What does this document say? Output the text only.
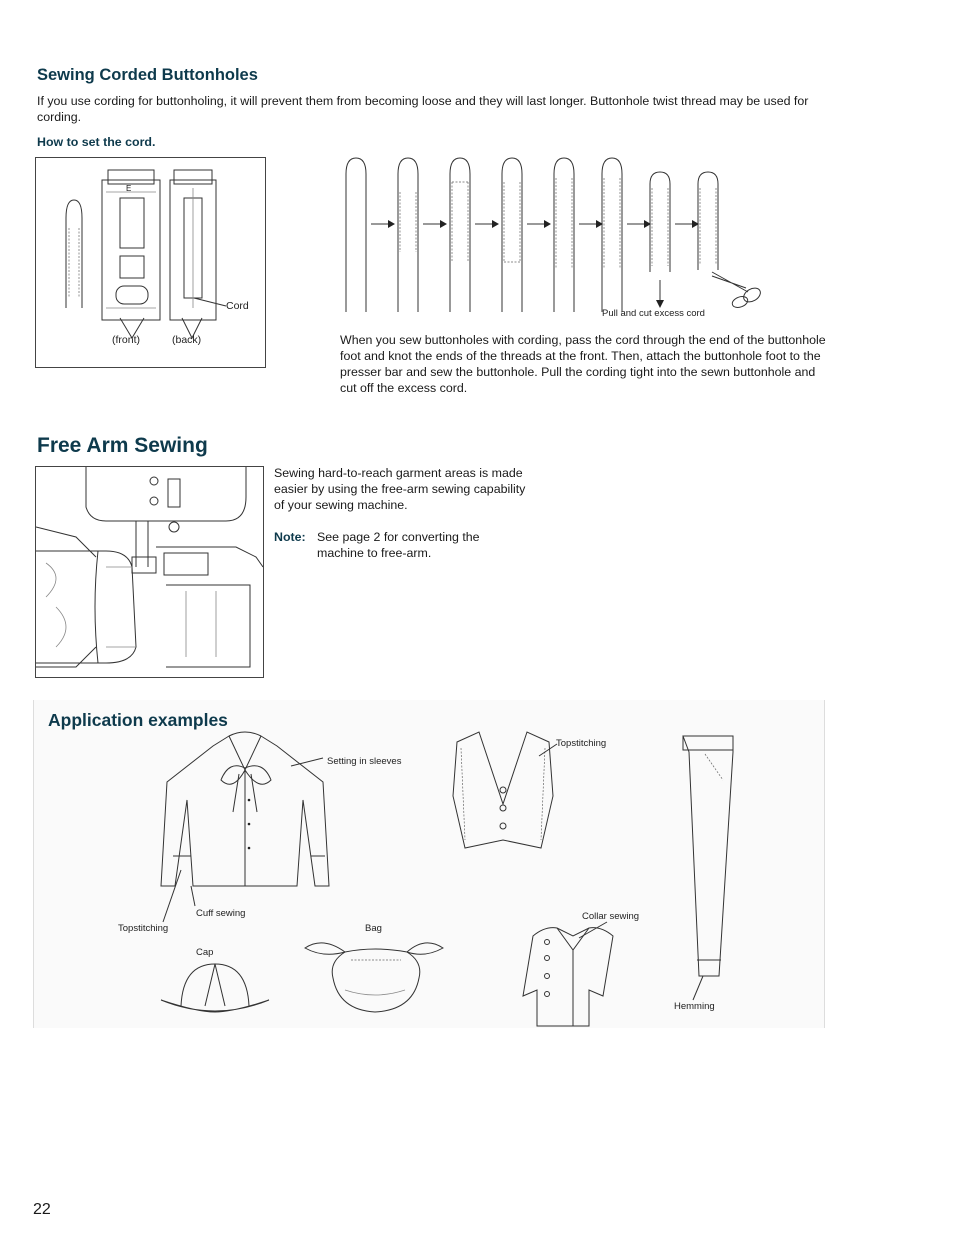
Sewing Corded Buttonholes
If you use cording for buttonholing, it will prevent them from becoming loose and they will last longer. Buttonhole twist thread may be used for cording.
How to set the cord.
Cord
(front)	(back)
E
Pull and cut excess cord
When you sew buttonholes with cording, pass the cord through the end of the buttonhole foot and knot the ends of the threads at the front. Then, attach the buttonhole foot to the presser bar and sew the buttonhole. Pull the cording tight into the sewn buttonhole and cut off the excess cord.
Free Arm Sewing
Sewing hard-to-reach garment areas is made easier by using the free-arm sewing capability of your sewing machine.
Note: See page 2 for converting the machine to free-arm.
Application examples
Setting in sleeves
Topstitching
Cuff sewing
Topstitching
Cap
Bag
Collar sewing
Hemming
22
